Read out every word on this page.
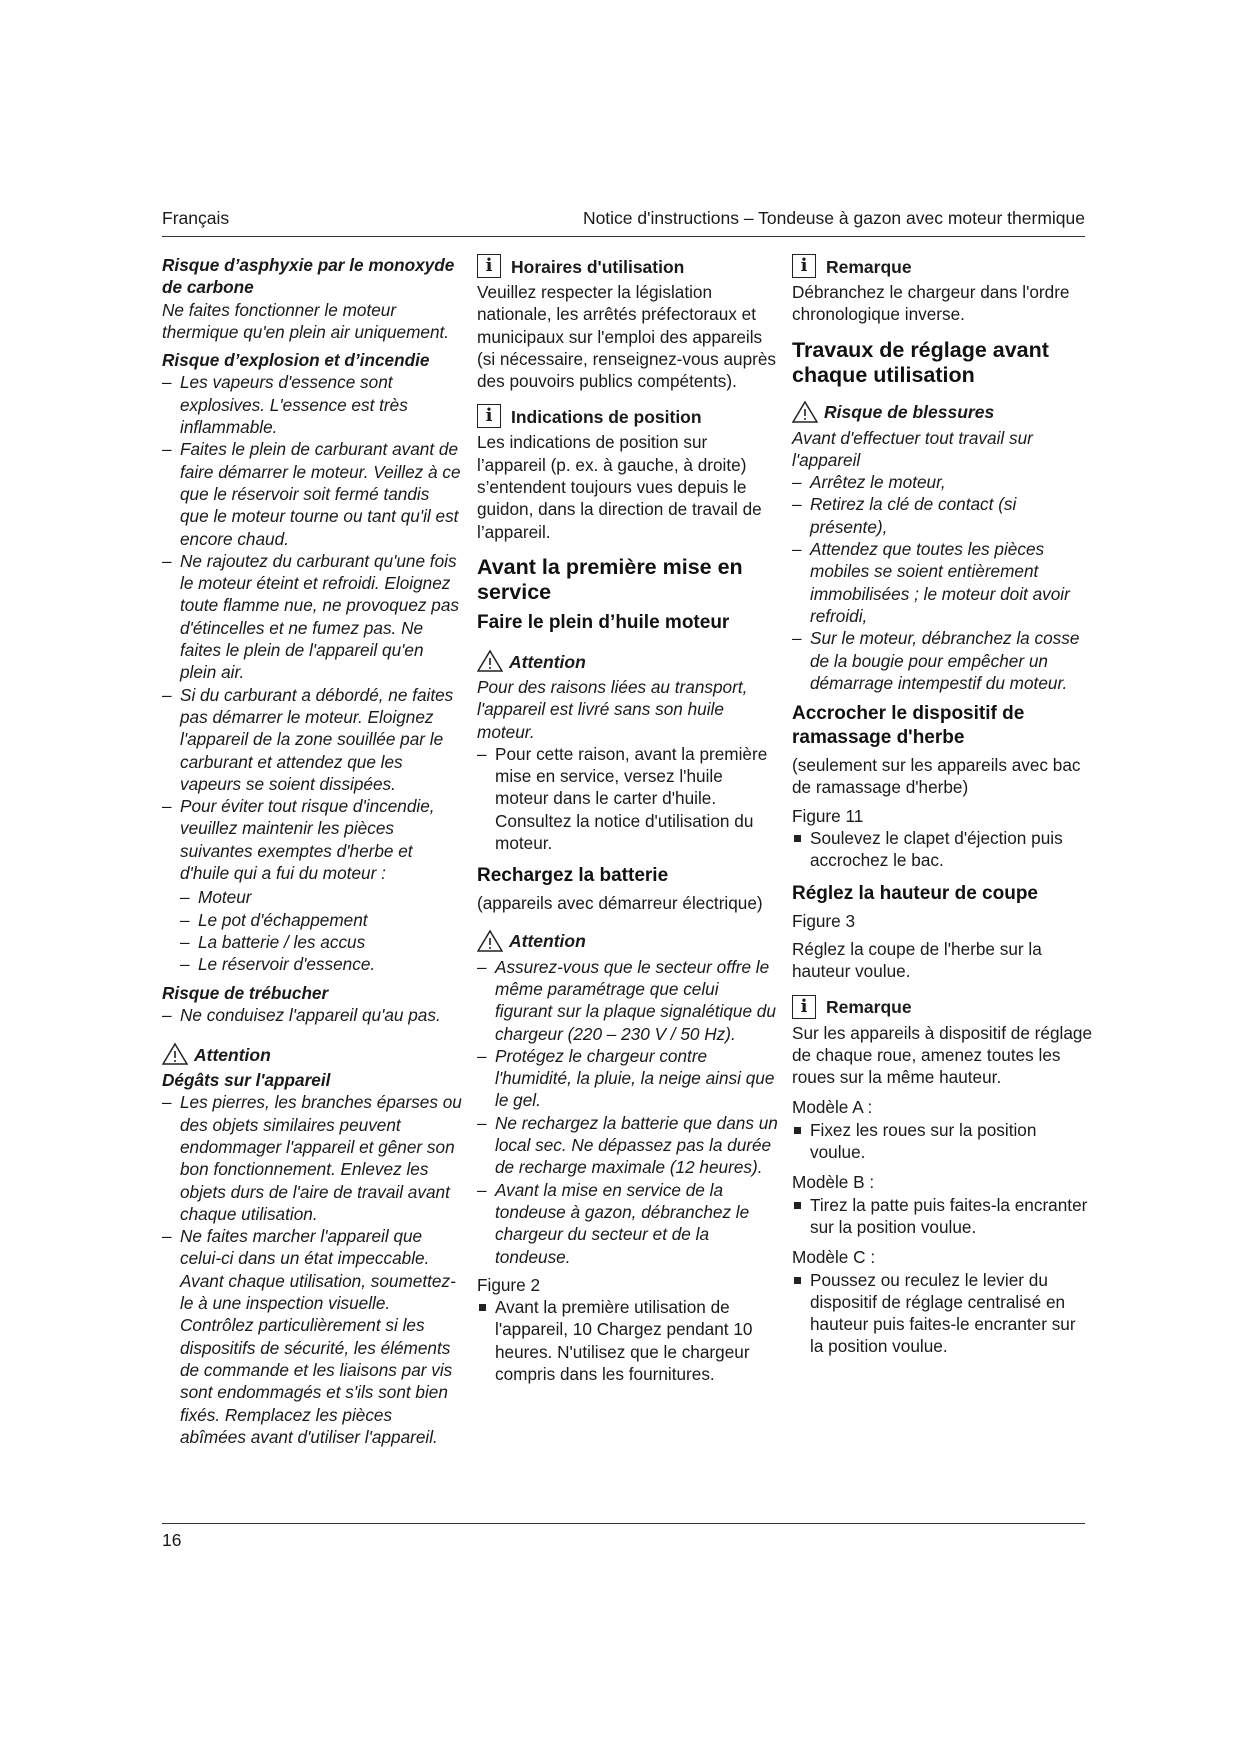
Français	Notice d'instructions – Tondeuse à gazon avec moteur thermique

Risque d’asphyxie par le monoxyde de carbone

Ne faites fonctionner le moteur thermique qu'en plein air uniquement.

Risque d’explosion et d’incendie

– Les vapeurs d'essence sont explosives. L'essence est très inflammable.
– Faites le plein de carburant avant de faire démarrer le moteur. Veillez à ce que le réservoir soit fermé tandis que le moteur tourne ou tant qu'il est encore chaud.
– Ne rajoutez du carburant qu'une fois le moteur éteint et refroidi. Eloignez toute flamme nue, ne provoquez pas d'étincelles et ne fumez pas. Ne faites le plein de l'appareil qu'en plein air.
– Si du carburant a débordé, ne faites pas démarrer le moteur. Eloignez l'appareil de la zone souillée par le carburant et attendez que les vapeurs se soient dissipées.
– Pour éviter tout risque d'incendie, veuillez maintenir les pièces suivantes exemptes d'herbe et d'huile qui a fui du moteur :
– Moteur
– Le pot d'échappement
– La batterie / les accus
– Le réservoir d'essence.

Risque de trébucher

– Ne conduisez l'appareil qu'au pas.
Attention

Dégâts sur l'appareil

– Les pierres, les branches éparses ou des objets similaires peuvent endommager l'appareil et gêner son bon fonctionnement. Enlevez les objets durs de l'aire de travail avant chaque utilisation.
– Ne faites marcher l'appareil que celui-ci dans un état impeccable. Avant chaque utilisation, soumettez-le à une inspection visuelle. Contrôlez particulièrement si les dispositifs de sécurité, les éléments de commande et les liaisons par vis sont endommagés et s'ils sont bien fixés. Remplacez les pièces abîmées avant d'utiliser l'appareil.
i	Horaires d'utilisation

Veuillez respecter la législation nationale, les arrêtés préfectoraux et municipaux sur l'emploi des appareils (si nécessaire, renseignez-vous auprès des pouvoirs publics compétents).

i	Indications de position

Les indications de position sur l’appareil (p. ex. à gauche, à droite) s’entendent toujours vues depuis le guidon, dans la direction de travail de l’appareil.

Avant la première mise en service
Faire le plein d’huile moteur
Attention

Pour des raisons liées au transport, l'appareil est livré sans son huile moteur.

– Pour cette raison, avant la première mise en service, versez l'huile moteur dans le carter d'huile. Consultez la notice d'utilisation du moteur.
Rechargez la batterie

(appareils avec démarreur électrique)

Attention
– Assurez-vous que le secteur offre le même paramétrage que celui figurant sur la plaque signalétique du chargeur (220 – 230 V / 50 Hz).
– Protégez le chargeur contre l'humidité, la pluie, la neige ainsi que le gel.
– Ne rechargez la batterie que dans un local sec. Ne dépassez pas la durée de recharge maximale (12 heures).
– Avant la mise en service de la tondeuse à gazon, débranchez le chargeur du secteur et de la tondeuse.

Figure 2

Avant la première utilisation de l'appareil, 10 Chargez pendant 10 heures. N'utilisez que le chargeur compris dans les fournitures.
i	Remarque

Débranchez le chargeur dans l'ordre chronologique inverse.

Travaux de réglage avant chaque utilisation
Risque de blessures

Avant d'effectuer tout travail sur l'appareil

– Arrêtez le moteur,
– Retirez la clé de contact (si présente),
– Attendez que toutes les pièces mobiles se soient entièrement immobilisées ; le moteur doit avoir refroidi,
– Sur le moteur, débranchez la cosse de la bougie pour empêcher un démarrage intempestif du moteur.
Accrocher le dispositif de ramassage d'herbe

(seulement sur les appareils avec bac de ramassage d'herbe)

Figure 11

Soulevez le clapet d'éjection puis accrochez le bac.
Réglez la hauteur de coupe

Figure 3

Réglez la coupe de l'herbe sur la hauteur voulue.

i	Remarque

Sur les appareils à dispositif de réglage de chaque roue, amenez toutes les roues sur la même hauteur.

Modèle A :

Fixez les roues sur la position voulue.

Modèle B :

Tirez la patte puis faites-la encranter sur la position voulue.

Modèle C :

Poussez ou reculez le levier du dispositif de réglage centralisé en hauteur puis faites-le encranter sur la position voulue.
16
